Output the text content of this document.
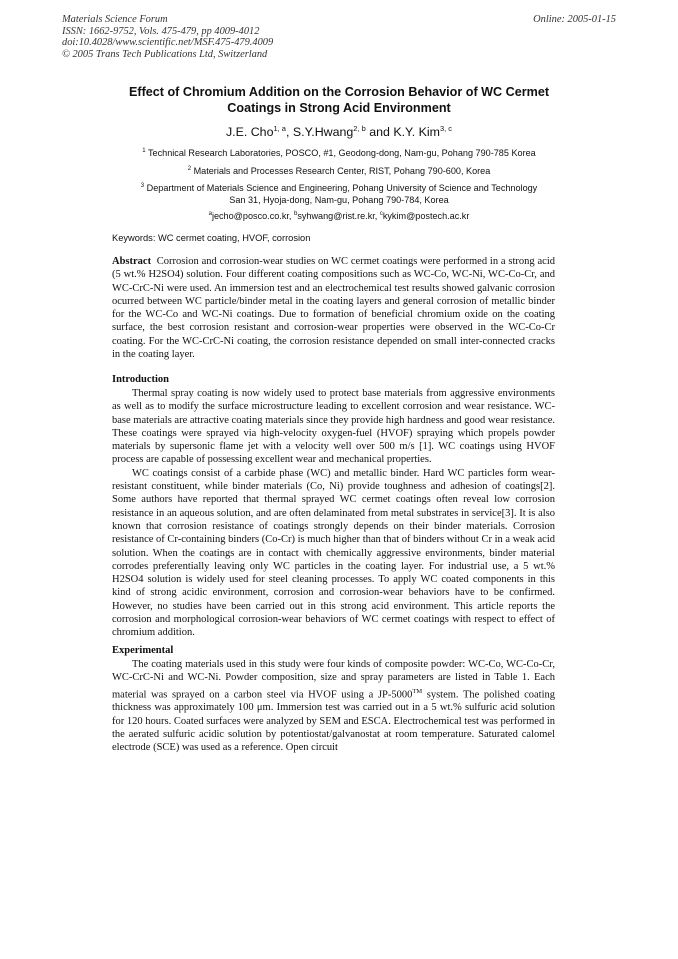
Materials Science Forum
ISSN: 1662-9752, Vols. 475-479, pp 4009-4012
doi:10.4028/www.scientific.net/MSF.475-479.4009
© 2005 Trans Tech Publications Ltd, Switzerland
Online: 2005-01-15
Effect of Chromium Addition on the Corrosion Behavior of WC Cermet
Coatings in Strong Acid Environment
J.E. Cho$^{1, a}$, S.Y.Hwang$^{2, b}$ and K.Y. Kim$^{3, c}$
$^1$ Technical Research Laboratories, POSCO, #1, Geodong-dong, Nam-gu, Pohang 790-785 Korea
$^2$ Materials and Processes Research Center, RIST, Pohang 790-600, Korea
$^3$ Department of Materials Science and Engineering, Pohang University of Science and Technology
San 31, Hyoja-dong, Nam-gu, Pohang 790-784, Korea
$^a$jecho@posco.co.kr, $^b$syhwang@rist.re.kr, $^c$kykim@postech.ac.kr
Keywords: WC cermet coating, HVOF, corrosion

Abstract Corrosion and corrosion-wear studies on WC cermet coatings were performed in a strong acid (5 wt.% H2SO4) solution. Four different coating compositions such as WC-Co, WC-Ni, WC-Co-Cr, and WC-CrC-Ni were used. An immersion test and an electrochemical test results showed galvanic corrosion ocurred between WC particle/binder metal in the coating layers and general corrosion of metallic binder for the WC-Co and WC-Ni coatings. Due to formation of beneficial chromium oxide on the coating surface, the best corrosion resistant and corrosion-wear properties were observed in the WC-Co-Cr coating. For the WC-CrC-Ni coating, the corrosion resistance depended on small inter-connected cracks in the coating layer.

Introduction

Thermal spray coating is now widely used to protect base materials from aggressive environments as well as to modify the surface microstructure leading to excellent corrosion and wear resistance. WC-base materials are attractive coating materials since they provide high hardness and good wear resistance. These coatings were sprayed via high-velocity oxygen-fuel (HVOF) spraying which propels powder materials by supersonic flame jet with a velocity well over 500 m/s [1]. WC coatings using HVOF process are capable of possessing excellent wear and mechanical properties.

WC coatings consist of a carbide phase (WC) and metallic binder. Hard WC particles form wear-resistant constituent, while binder materials (Co, Ni) provide toughness and adhesion of coatings[2]. Some authors have reported that thermal sprayed WC cermet coatings often reveal low corrosion resistance in an aqueous solution, and are often delaminated from metal substrates in service[3]. It is also known that corrosion resistance of coatings strongly depends on their binder materials. Corrosion resistance of Cr-containing binders (Co-Cr) is much higher than that of binders without Cr in a weak acid solution. When the coatings are in contact with chemically aggressive environments, binder material corrodes preferentially leaving only WC particles in the coating layer. For industrial use, a 5 wt.% H2SO4 solution is widely used for steel cleaning processes. To apply WC coated components in this kind of strong acidic environment, corrosion and corrosion-wear behaviors have to be confirmed. However, no studies have been carried out in this strong acid environment. This article reports the corrosion and morphological corrosion-wear behaviors of WC cermet coatings with respect to effect of chromium addition.

Experimental

The coating materials used in this study were four kinds of composite powder: WC-Co, WC-Co-Cr, WC-CrC-Ni and WC-Ni. Powder composition, size and spray parameters are listed in Table 1. Each material was sprayed on a carbon steel via HVOF using a JP-5000™ system. The polished coating thickness was approximately 100 μm. Immersion test was carried out in a 5 wt.% sulfuric acid solution for 120 hours. Coated surfaces were analyzed by SEM and ESCA. Electrochemical test was performed in the aerated sulfuric acidic solution by potentiostat/galvanostat at room temperature. Saturated calomel electrode (SCE) was used as a reference. Open circuit
